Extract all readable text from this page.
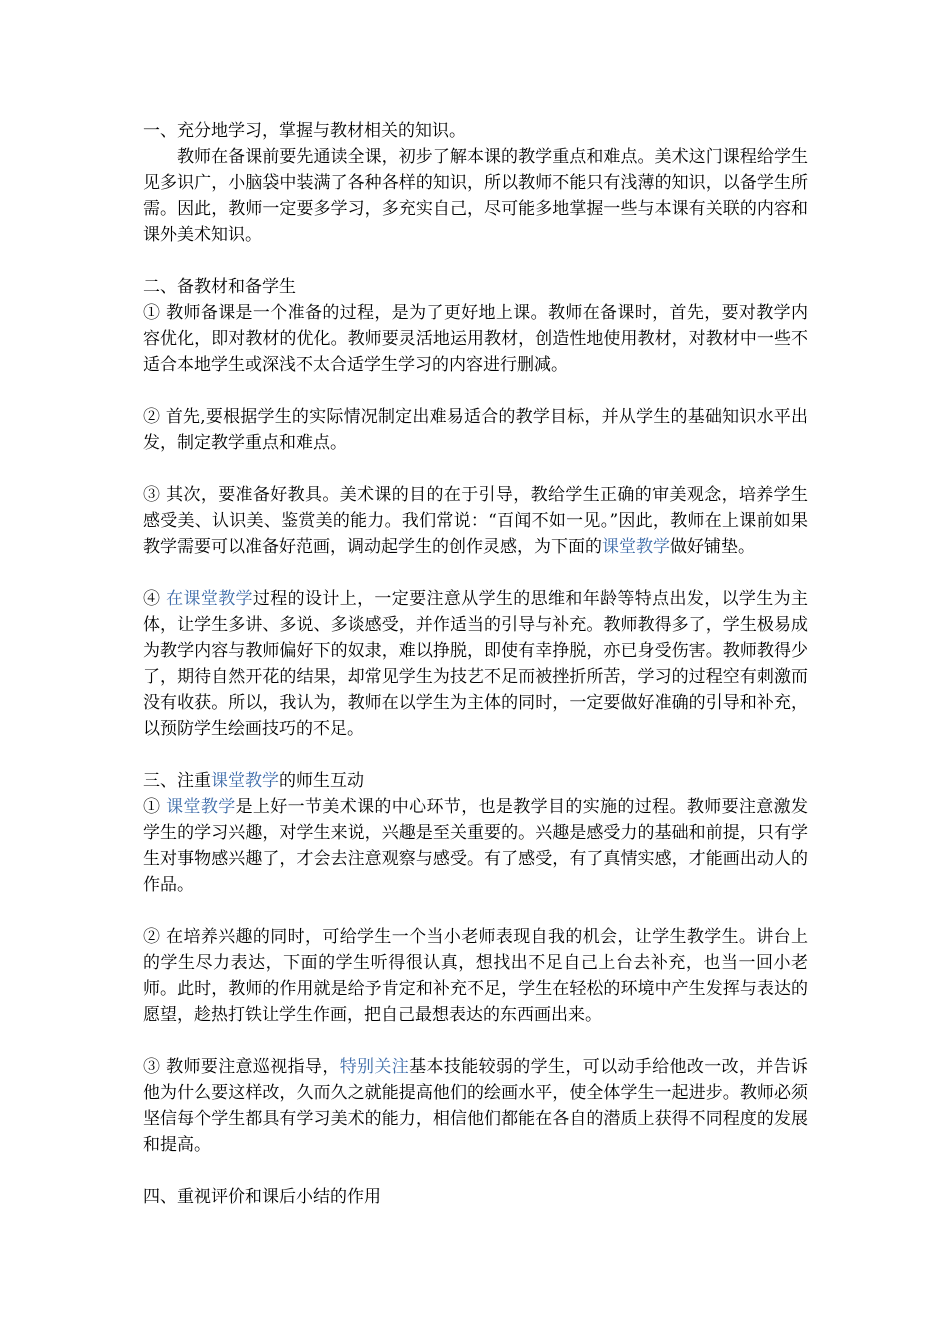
一、充分地学习，掌握与教材相关的知识。

教师在备课前要先通读全课，初步了解本课的教学重点和难点。美术这门课程给学生见多识广，小脑袋中装满了各种各样的知识，所以教师不能只有浅薄的知识，以备学生所需。因此，教师一定要多学习，多充实自己，尽可能多地掌握一些与本课有关联的内容和课外美术知识。

二、备教材和备学生

① 教师备课是一个准备的过程，是为了更好地上课。教师在备课时，首先，要对教学内容优化，即对教材的优化。教师要灵活地运用教材，创造性地使用教材，对教材中一些不适合本地学生或深浅不太合适学生学习的内容进行删减。

② 首先,要根据学生的实际情况制定出难易适合的教学目标，并从学生的基础知识水平出发，制定教学重点和难点。

③ 其次，要准备好教具。美术课的目的在于引导，教给学生正确的审美观念，培养学生感受美、认识美、鉴赏美的能力。我们常说：“百闻不如一见。”因此，教师在上课前如果教学需要可以准备好范画，调动起学生的创作灵感，为下面的课堂教学做好铺垫。

④ 在课堂教学过程的设计上，一定要注意从学生的思维和年龄等特点出发，以学生为主体，让学生多讲、多说、多谈感受，并作适当的引导与补充。教师教得多了，学生极易成为教学内容与教师偏好下的奴隶，难以挣脱，即使有幸挣脱，亦已身受伤害。教师教得少了，期待自然开花的结果，却常见学生为技艺不足而被挫折所苦，学习的过程空有刺激而没有收获。所以，我认为，教师在以学生为主体的同时，一定要做好准确的引导和补充，以预防学生绘画技巧的不足。

三、注重课堂教学的师生互动

① 课堂教学是上好一节美术课的中心环节，也是教学目的实施的过程。教师要注意激发学生的学习兴趣，对学生来说，兴趣是至关重要的。兴趣是感受力的基础和前提，只有学生对事物感兴趣了，才会去注意观察与感受。有了感受，有了真情实感，才能画出动人的作品。

② 在培养兴趣的同时，可给学生一个当小老师表现自我的机会，让学生教学生。讲台上的学生尽力表达，下面的学生听得很认真，想找出不足自己上台去补充，也当一回小老师。此时，教师的作用就是给予肯定和补充不足，学生在轻松的环境中产生发挥与表达的愿望，趁热打铁让学生作画，把自己最想表达的东西画出来。

③ 教师要注意巡视指导，特别关注基本技能较弱的学生，可以动手给他改一改，并告诉他为什么要这样改，久而久之就能提高他们的绘画水平，使全体学生一起进步。教师必须坚信每个学生都具有学习美术的能力，相信他们都能在各自的潜质上获得不同程度的发展和提高。

四、重视评价和课后小结的作用
